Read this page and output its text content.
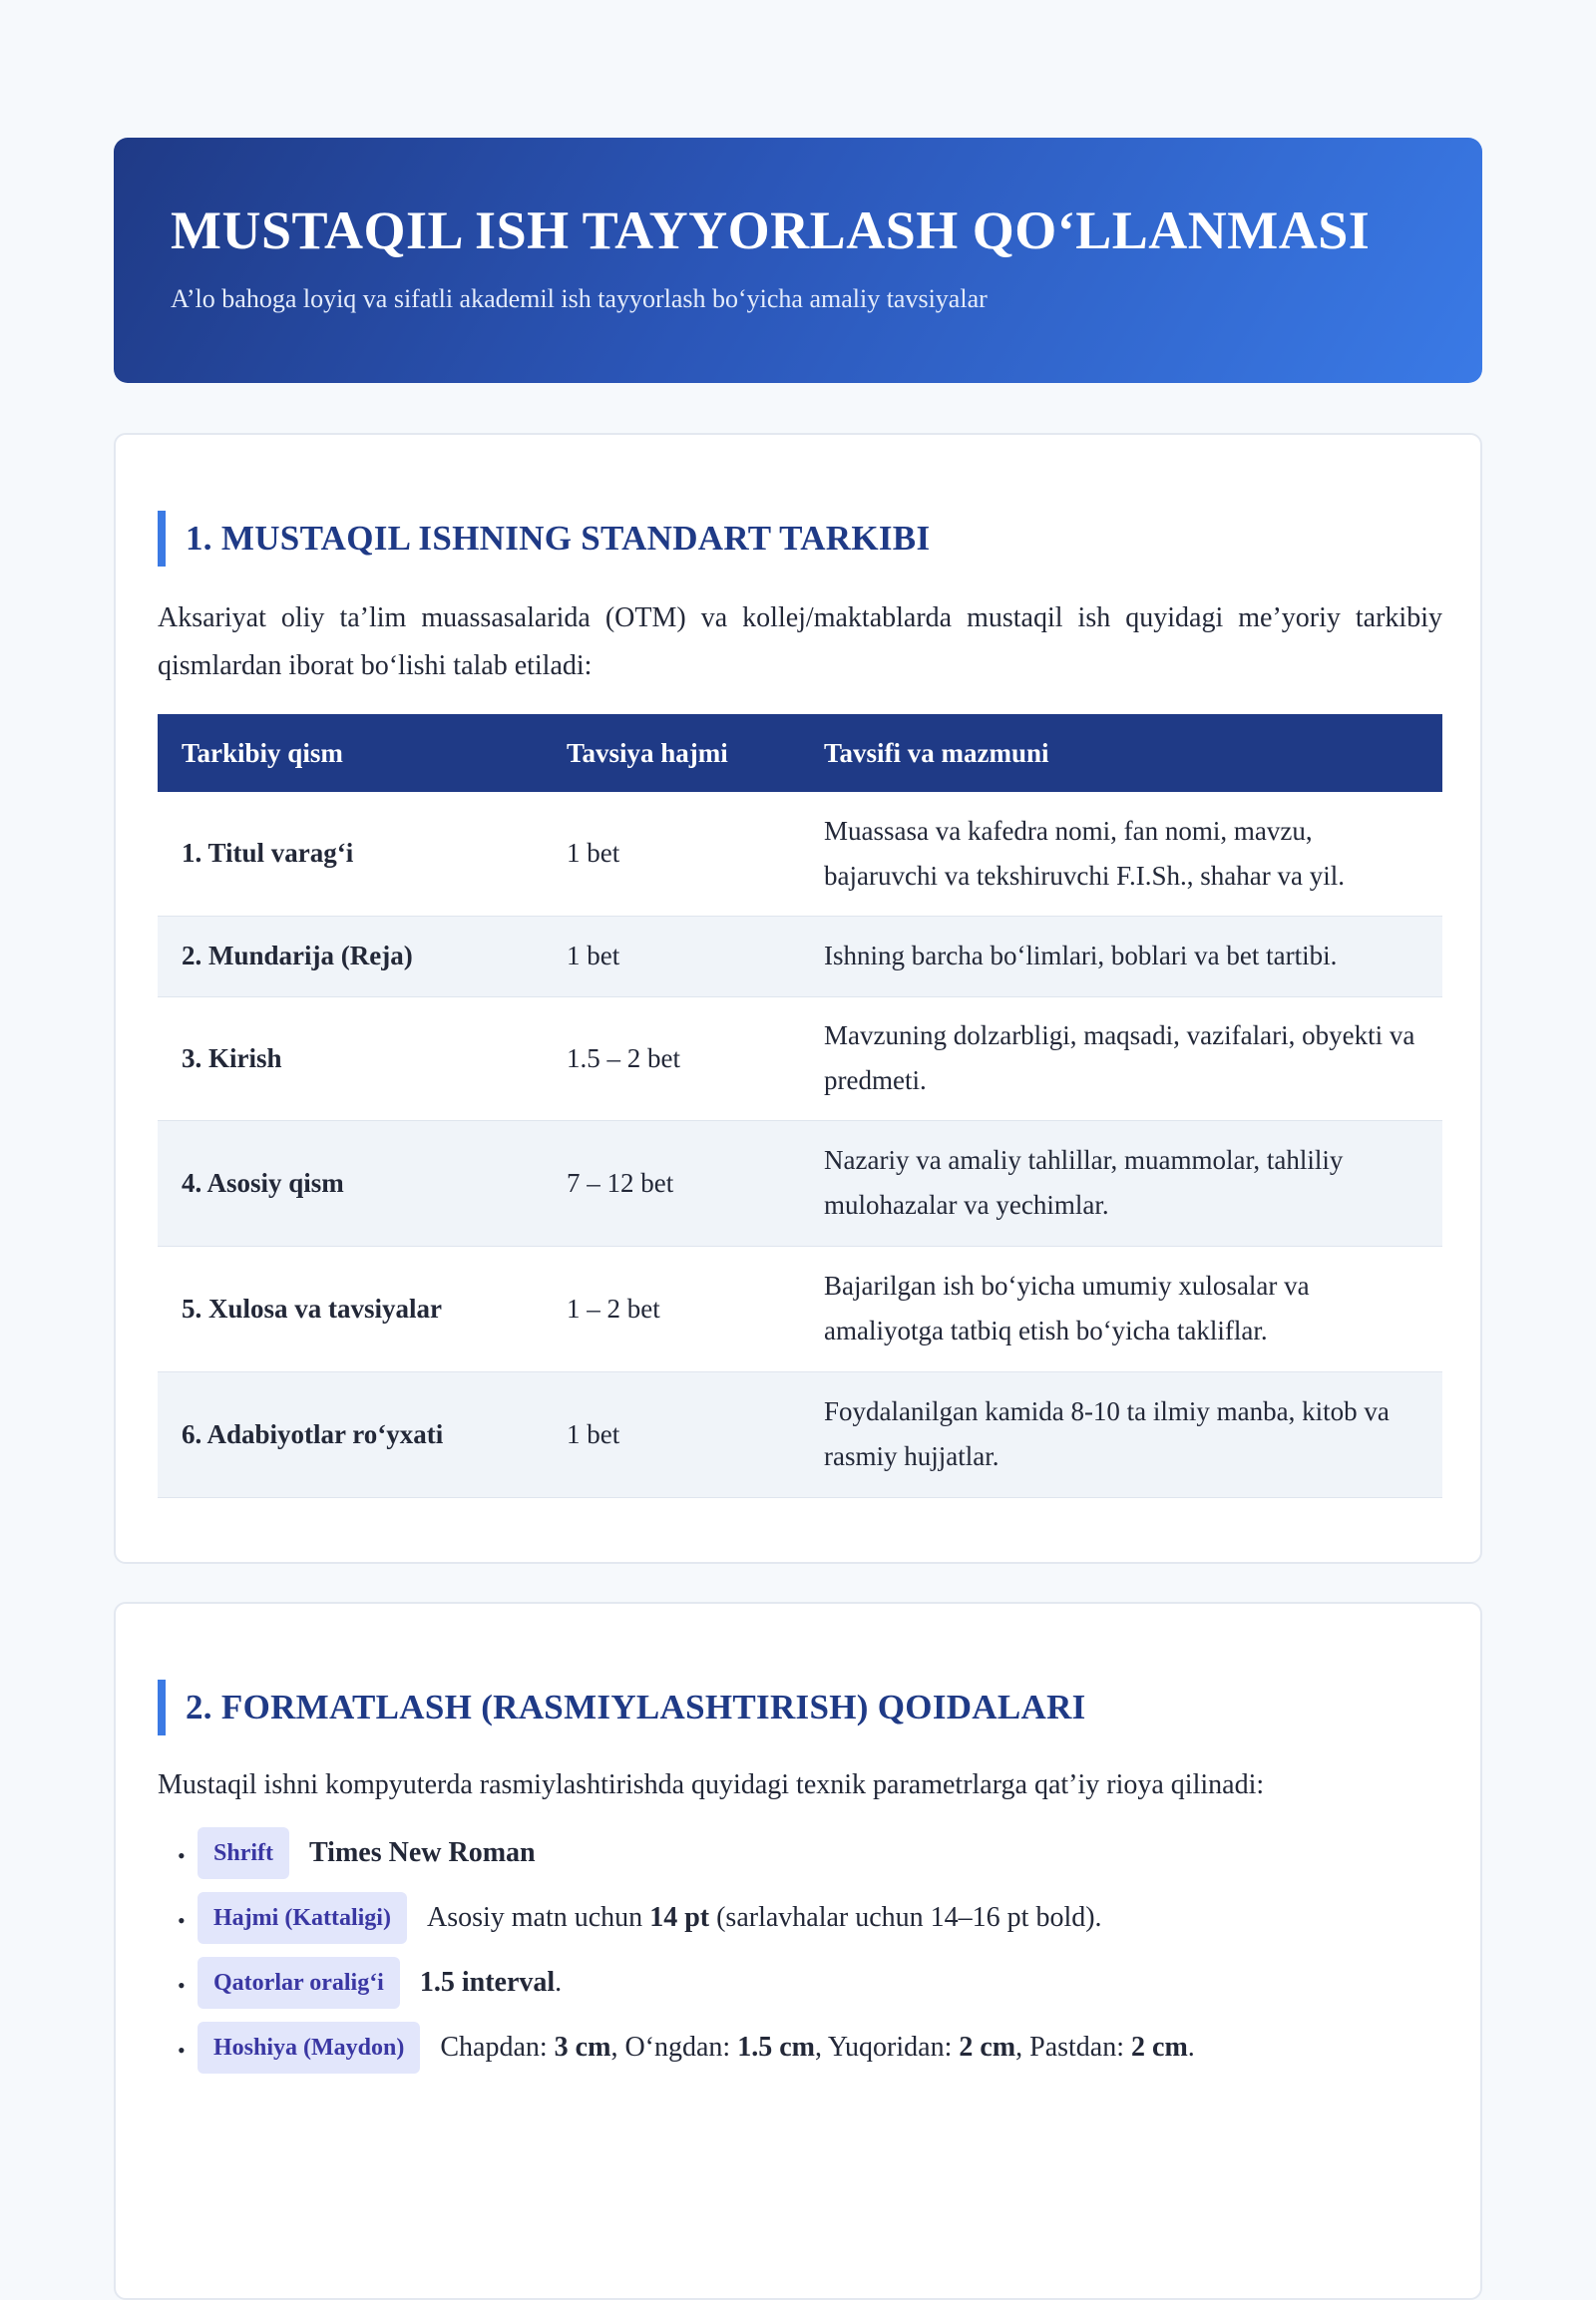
MUSTAQIL ISH TAYYORLASH QO‘LLANMASI
A’lo bahoga loyiq va sifatli akademil ish tayyorlash bo‘yicha amaliy tavsiyalar
1. MUSTAQIL ISHNING STANDART TARKIBI
Aksariyat oliy ta’lim muassasalarida (OTM) va kollej/maktablarda mustaqil ish quyidagi me’yoriy tarkibiy qismlardan iborat bo‘lishi talab etiladi:
Tarkibiy qism	Tavsiya hajmi	Tavsifi va mazmuni
1. Titul varag‘i	1 bet	Muassasa va kafedra nomi, fan nomi, mavzu, bajaruvchi va tekshiruvchi F.I.Sh., shahar va yil.
2. Mundarija (Reja)	1 bet	Ishning barcha bo‘limlari, boblari va bet tartibi.
3. Kirish	1.5 – 2 bet	Mavzuning dolzarbligi, maqsadi, vazifalari, obyekti va predmeti.
4. Asosiy qism	7 – 12 bet	Nazariy va amaliy tahlillar, muammolar, tahliliy mulohazalar va yechimlar.
5. Xulosa va tavsiyalar	1 – 2 bet	Bajarilgan ish bo‘yicha umumiy xulosalar va amaliyotga tatbiq etish bo‘yicha takliflar.
6. Adabiyotlar ro‘yxati	1 bet	Foydalanilgan kamida 8-10 ta ilmiy manba, kitob va rasmiy hujjatlar.
2. FORMATLASH (RASMIYLASHTIRISH) QOIDALARI
Mustaqil ishni kompyuterda rasmiylashtirishda quyidagi texnik parametrlarga qat’iy rioya qilinadi:
•	Shrift	Times New Roman
•	Hajmi (Kattaligi)	Asosiy matn uchun 14 pt (sarlavhalar uchun 14–16 pt bold).
•	Qatorlar oralig‘i	1.5 interval.
•	Hoshiya (Maydon)	Chapdan: 3 cm, O‘ngdan: 1.5 cm, Yuqoridan: 2 cm, Pastdan: 2 cm.
